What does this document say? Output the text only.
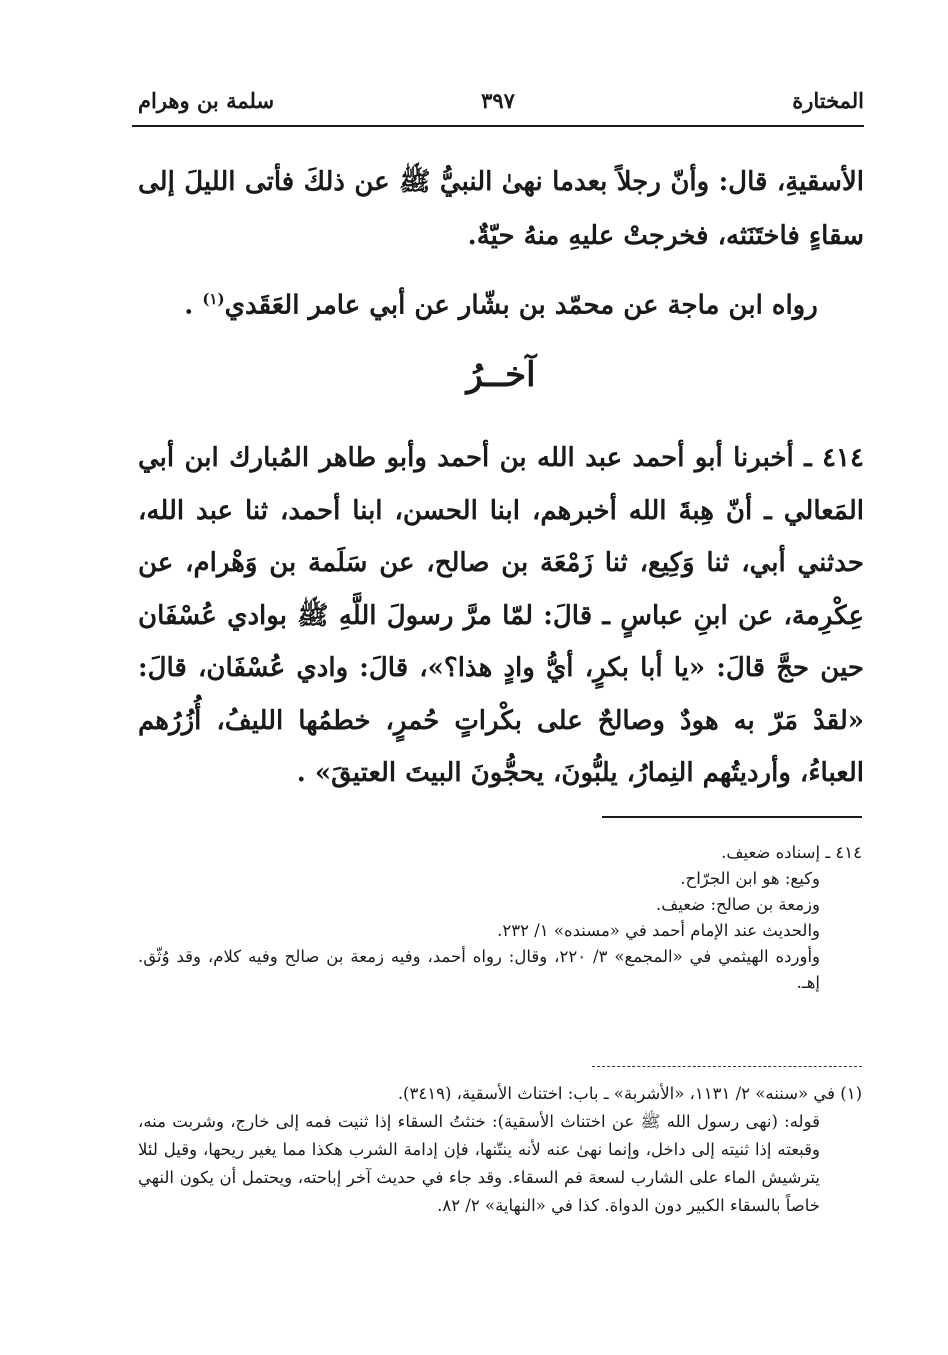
المختارة
٣٩٧
سلمة بن وهرام
الأسقيةِ، قال: وأنّ رجلاً بعدما نهىٰ النبيُّ ﷺ عن ذلكَ فأتى الليلَ إلى سقاءٍ فاختَنَثه، فخرجتْ عليهِ منهُ حيّةٌ.
رواه ابن ماجة عن محمّد بن بشّار عن أبي عامر العَقَدي$^{(١)}$ .
آخــرُ
٤١٤ ـ أخبرنا أبو أحمد عبد الله بن أحمد وأبو طاهر المُبارك ابن أبي المَعالي ـ أنّ هِبةَ الله أخبرهم، ابنا الحسن، ابنا أحمد، ثنا عبد الله، حدثني أبي، ثنا وَكِيع، ثنا زَمْعَة بن صالح، عن سَلَمة بن وَهْرام، عن عِكْرِمة، عن ابنِ عباسٍ ـ قالَ: لمّا مرَّ رسولَ اللَّهِ ﷺ بوادي عُسْفَان حين حجَّ قالَ: «يا أبا بكرٍ، أيُّ وادٍ هذا؟»، قالَ: وادي عُسْفَان، قالَ: «لقدْ مَرّ به هودٌ وصالحٌ على بكْراتٍ حُمرٍ، خطمُها الليفُ، أُزُرُهم العباءُ، وأرديتُهم النِمارُ، يلبُّونَ، يحجُّونَ البيتَ العتيقَ» .
٤١٤ ـ إسناده ضعيف.
وكيع: هو ابن الجرّاح.
وزمعة بن صالح: ضعيف.
والحديث عند الإمام أحمد في «مسنده» ١/ ٢٣٢.
وأورده الهيثمي في «المجمع» ٣/ ٢٢٠، وقال: رواه أحمد، وفيه زمعة بن صالح وفيه كلام، وقد وُثّق. إهـ.
(١) في «سننه» ٢/ ١١٣١، «الأشربة» ـ باب: اختناث الأسقية، (٣٤١٩).
قوله: (نهى رسول الله ﷺ عن اختناث الأسقية): خنثتُ السقاء إذا ثنيت فمه إلى خارج، وشربت منه، وقبعته إذا ثنيته إلى داخل، وإنما نهىٰ عنه لأنه ينتّنها، فإن إدامة الشرب هكذا مما يغير ريحها، وقيل لئلا يترشيش الماء على الشارب لسعة فم السقاء. وقد جاء في حديث آخر إباحته، ويحتمل أن يكون النهي خاصاً بالسقاء الكبير دون الدواة. كذا في «النهاية» ٢/ ٨٢.
